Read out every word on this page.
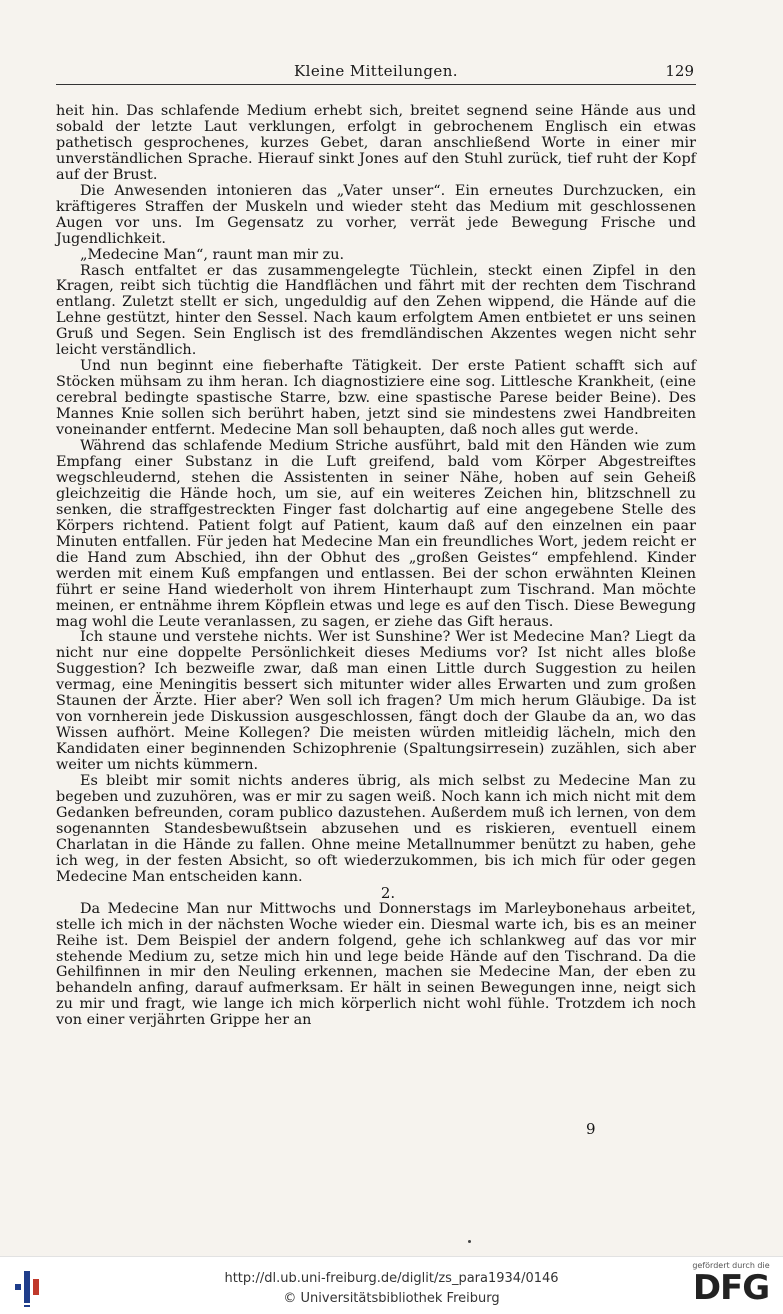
Kleine Mitteilungen.	129

heit hin. Das schlafende Medium erhebt sich, breitet segnend seine Hände aus und sobald der letzte Laut verklungen, erfolgt in gebrochenem Englisch ein etwas pathetisch gesprochenes, kurzes Gebet, daran anschließend Worte in einer mir unverständlichen Sprache. Hierauf sinkt Jones auf den Stuhl zurück, tief ruht der Kopf auf der Brust.

Die Anwesenden intonieren das „Vater unser“. Ein erneutes Durchzucken, ein kräftigeres Straffen der Muskeln und wieder steht das Medium mit geschlossenen Augen vor uns. Im Gegensatz zu vorher, verrät jede Bewegung Frische und Jugendlichkeit.

„Medecine Man“, raunt man mir zu.

Rasch entfaltet er das zusammengelegte Tüchlein, steckt einen Zipfel in den Kragen, reibt sich tüchtig die Handflächen und fährt mit der rechten dem Tischrand entlang. Zuletzt stellt er sich, ungeduldig auf den Zehen wippend, die Hände auf die Lehne gestützt, hinter den Sessel. Nach kaum erfolgtem Amen entbietet er uns seinen Gruß und Segen. Sein Englisch ist des fremdländischen Akzentes wegen nicht sehr leicht verständlich.

Und nun beginnt eine fieberhafte Tätigkeit. Der erste Patient schafft sich auf Stöcken mühsam zu ihm heran. Ich diagnostiziere eine sog. Littlesche Krankheit, (eine cerebral bedingte spastische Starre, bzw. eine spastische Parese beider Beine). Des Mannes Knie sollen sich berührt haben, jetzt sind sie mindestens zwei Handbreiten voneinander entfernt. Medecine Man soll behaupten, daß noch alles gut werde.

Während das schlafende Medium Striche ausführt, bald mit den Händen wie zum Empfang einer Substanz in die Luft greifend, bald vom Körper Abgestreiftes wegschleudernd, stehen die Assistenten in seiner Nähe, hoben auf sein Geheiß gleichzeitig die Hände hoch, um sie, auf ein weiteres Zeichen hin, blitzschnell zu senken, die straffgestreckten Finger fast dolchartig auf eine angegebene Stelle des Körpers richtend. Patient folgt auf Patient, kaum daß auf den einzelnen ein paar Minuten entfallen. Für jeden hat Medecine Man ein freundliches Wort, jedem reicht er die Hand zum Abschied, ihn der Obhut des „großen Geistes“ empfehlend. Kinder werden mit einem Kuß empfangen und entlassen. Bei der schon erwähnten Kleinen führt er seine Hand wiederholt von ihrem Hinterhaupt zum Tischrand. Man möchte meinen, er entnähme ihrem Köpflein etwas und lege es auf den Tisch. Diese Bewegung mag wohl die Leute veranlassen, zu sagen, er ziehe das Gift heraus.

Ich staune und verstehe nichts. Wer ist Sunshine? Wer ist Medecine Man? Liegt da nicht nur eine doppelte Persönlichkeit dieses Mediums vor? Ist nicht alles bloße Suggestion? Ich bezweifle zwar, daß man einen Little durch Suggestion zu heilen vermag, eine Meningitis bessert sich mitunter wider alles Erwarten und zum großen Staunen der Ärzte. Hier aber? Wen soll ich fragen? Um mich herum Gläubige. Da ist von vornherein jede Diskussion ausgeschlossen, fängt doch der Glaube da an, wo das Wissen aufhört. Meine Kollegen? Die meisten würden mitleidig lächeln, mich den Kandidaten einer beginnenden Schizophrenie (Spaltungsirresein) zuzählen, sich aber weiter um nichts kümmern.

Es bleibt mir somit nichts anderes übrig, als mich selbst zu Medecine Man zu begeben und zuzuhören, was er mir zu sagen weiß. Noch kann ich mich nicht mit dem Gedanken befreunden, coram publico dazustehen. Außerdem muß ich lernen, von dem sogenannten Standesbewußtsein abzusehen und es riskieren, eventuell einem Charlatan in die Hände zu fallen. Ohne meine Metallnummer benützt zu haben, gehe ich weg, in der festen Absicht, so oft wiederzukommen, bis ich mich für oder gegen Medecine Man entscheiden kann.

2.

Da Medecine Man nur Mittwochs und Donnerstags im Marleybonehaus arbeitet, stelle ich mich in der nächsten Woche wieder ein. Diesmal warte ich, bis es an meiner Reihe ist. Dem Beispiel der andern folgend, gehe ich schlankweg auf das vor mir stehende Medium zu, setze mich hin und lege beide Hände auf den Tischrand. Da die Gehilfinnen in mir den Neuling erkennen, machen sie Medecine Man, der eben zu behandeln anfing, darauf aufmerksam. Er hält in seinen Bewegungen inne, neigt sich zu mir und fragt, wie lange ich mich körperlich nicht wohl fühle. Trotzdem ich noch von einer verjährten Grippe her an

9
http://dl.ub.uni-freiburg.de/diglit/zs_para1934/0146
© Universitätsbibliothek Freiburg
gefördert durch die
DFG
